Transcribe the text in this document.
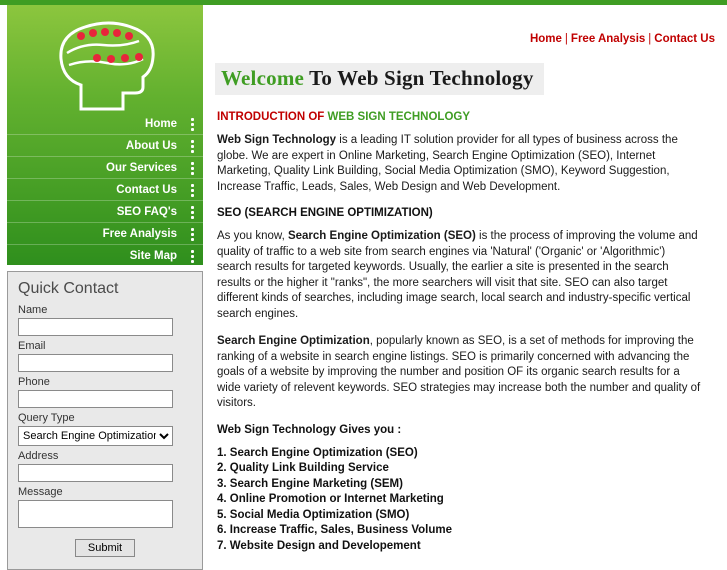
Home
About Us
Our Services
Contact Us
SEO FAQ's
Free Analysis
Site Map
Quick Contact
Name
Email
Phone
Query Type
Search Engine Optimization (S
Address
Message
Submit
Home | Free Analysis | Contact Us
Welcome To Web Sign Technology
INTRODUCTION OF WEB SIGN TECHNOLOGY

Web Sign Technology is a leading IT solution provider for all types of business across the globe. We are expert in Online Marketing, Search Engine Optimization (SEO), Internet Marketing, Quality Link Building, Social Media Optimization (SMO), Keyword Suggestion, Increase Traffic, Leads, Sales, Web Design and Web Development.

SEO (SEARCH ENGINE OPTIMIZATION)

As you know, Search Engine Optimization (SEO) is the process of improving the volume and quality of traffic to a web site from search engines via 'Natural' ('Organic' or 'Algorithmic') search results for targeted keywords. Usually, the earlier a site is presented in the search results or the higher it "ranks", the more searchers will visit that site. SEO can also target different kinds of searches, including image search, local search and industry-specific vertical search engines.

Search Engine Optimization, popularly known as SEO, is a set of methods for improving the ranking of a website in search engine listings. SEO is primarily concerned with advancing the goals of a website by improving the number and position OF its organic search results for a wide variety of relevent keywords. SEO strategies may increase both the number and quality of visitors.

Web Sign Technology Gives you :
1. Search Engine Optimization (SEO)
2. Quality Link Building Service
3. Search Engine Marketing (SEM)
4. Online Promotion or Internet Marketing
5. Social Media Optimization (SMO)
6. Increase Traffic, Sales, Business Volume
7. Website Design and Developement
